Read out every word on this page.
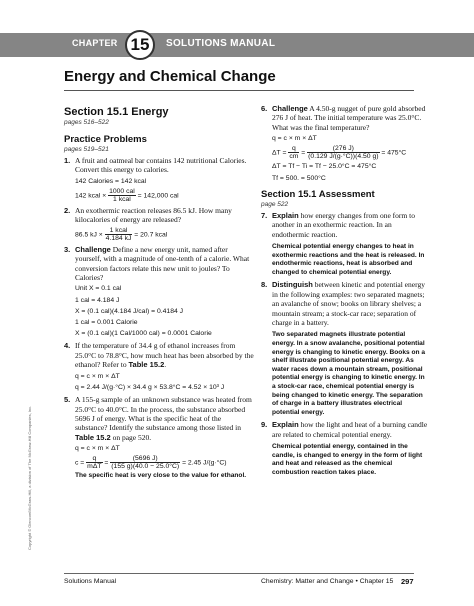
CHAPTER 15	SOLUTIONS MANUAL
Energy and Chemical Change
Section 15.1 Energy
pages 516–522
Practice Problems
pages 519–521
1. A fruit and oatmeal bar contains 142 nutritional Calories. Convert this energy to calories.
142 Calories = 142 kcal
142 kcal × $\frac{\text{1000 cal}}{\text{1 kcal}} = 142,000$ cal
2. An exothermic reaction releases 86.5 kJ. How many kilocalories of energy are released?
86.5 kJ × $\frac{\text{1 kcal}}{4.184 kJ} = 20.7$ kcal
3. Challenge Define a new energy unit, named after yourself, with a magnitude of one-tenth of a calorie. What conversion factors relate this new unit to joules? To Calories?
Unit X = 0.1 cal
1 cal = 4.184 J
X = (0.1 cal)(4.184 J/cal) = 0.4184 J
1 cal = 0.001 Calorie
X = (0.1 cal)(1 Cal/1000 cal) = 0.0001 Calorie
4. If the temperature of 34.4 g of ethanol increases from 25.0°C to 78.8°C, how much heat has been absorbed by the ethanol? Refer to Table 15.2.
q = c × m × ΔT
q = 2.44 J/(g·°C) × 34.4 g × 53.8°C = 4.52 × 10³ J
5. A 155-g sample of an unknown substance was heated from 25.0°C to 40.0°C. In the process, the substance absorbed 5696 J of energy. What is the specific heat of the substance? Identify the substance among those listed in Table 15.2 on page 520.
q = c × m × ΔT
$c = \frac{q}{\text{mΔT}} = \frac{(5696 J)}{(155 g)(40.0 - 25.0^\circ C)} = 2.45$ J/(g·°C)
The specific heat is very close to the value for ethanol.
6. Challenge A 4.50-g nugget of pure gold absorbed 276 J of heat. The initial temperature was 25.0°C. What was the final temperature?
q = c × m × ΔT
$\Delta T = \frac{q}{cm} = \frac{(276 J)}{(0.129 J/(g\cdot^\circ C))(4.50 g)} = 475^\circ C$
ΔT = Tf − Ti = Tf − 25.0°C = 475°C
Tf = 500. = 500°C
Section 15.1 Assessment
page 522
7. Explain how energy changes from one form to another in an exothermic reaction. In an endothermic reaction.
Chemical potential energy changes to heat in exothermic reactions and the heat is released. In endothermic reactions, heat is absorbed and changed to chemical potential energy.
8. Distinguish between kinetic and potential energy in the following examples: two separated magnets; an avalanche of snow; books on library shelves; a mountain stream; a stock-car race; separation of charge in a battery.
Two separated magnets illustrate potential energy. In a snow avalanche, positional potential energy is changing to kinetic energy. Books on a shelf illustrate positional potential energy. As water races down a mountain stream, positional potential energy is changing to kinetic energy. In a stock-car race, chemical potential energy is being changed to kinetic energy. The separation of charge in a battery illustrates electrical potential energy.
9. Explain how the light and heat of a burning candle are related to chemical potential energy.
Chemical potential energy, contained in the candle, is changed to energy in the form of light and heat and released as the chemical combustion reaction takes place.
Copyright © Glencoe/McGraw-Hill, a division of The McGraw-Hill Companies, Inc.
Solutions Manual	Chemistry: Matter and Change • Chapter 15 297
